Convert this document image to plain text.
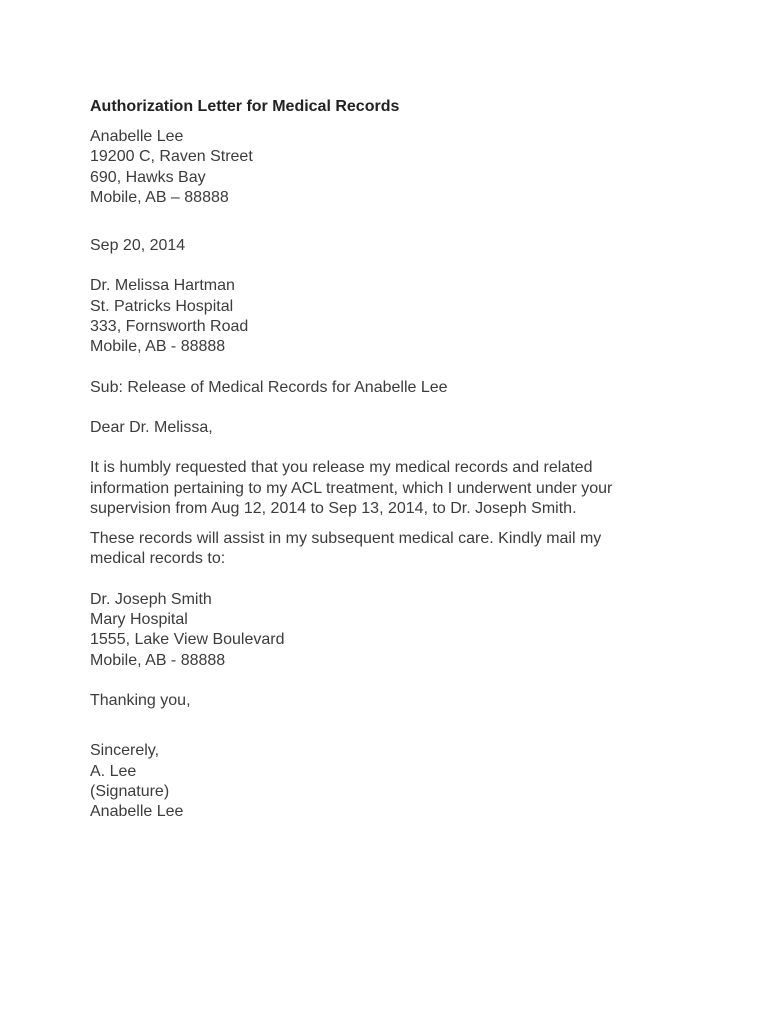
Authorization Letter for Medical Records
Anabelle Lee
19200 C, Raven Street
690, Hawks Bay
Mobile, AB – 88888
Sep 20, 2014
Dr. Melissa Hartman
St. Patricks Hospital
333, Fornsworth Road
Mobile, AB - 88888
Sub: Release of Medical Records for Anabelle Lee
Dear Dr. Melissa,
It is humbly requested that you release my medical records and related
information pertaining to my ACL treatment, which I underwent under your
supervision from Aug 12, 2014 to Sep 13, 2014, to Dr. Joseph Smith.
These records will assist in my subsequent medical care. Kindly mail my
medical records to:
Dr. Joseph Smith
Mary Hospital
1555, Lake View Boulevard
Mobile, AB - 88888
Thanking you,
Sincerely,
A. Lee
(Signature)
Anabelle Lee
